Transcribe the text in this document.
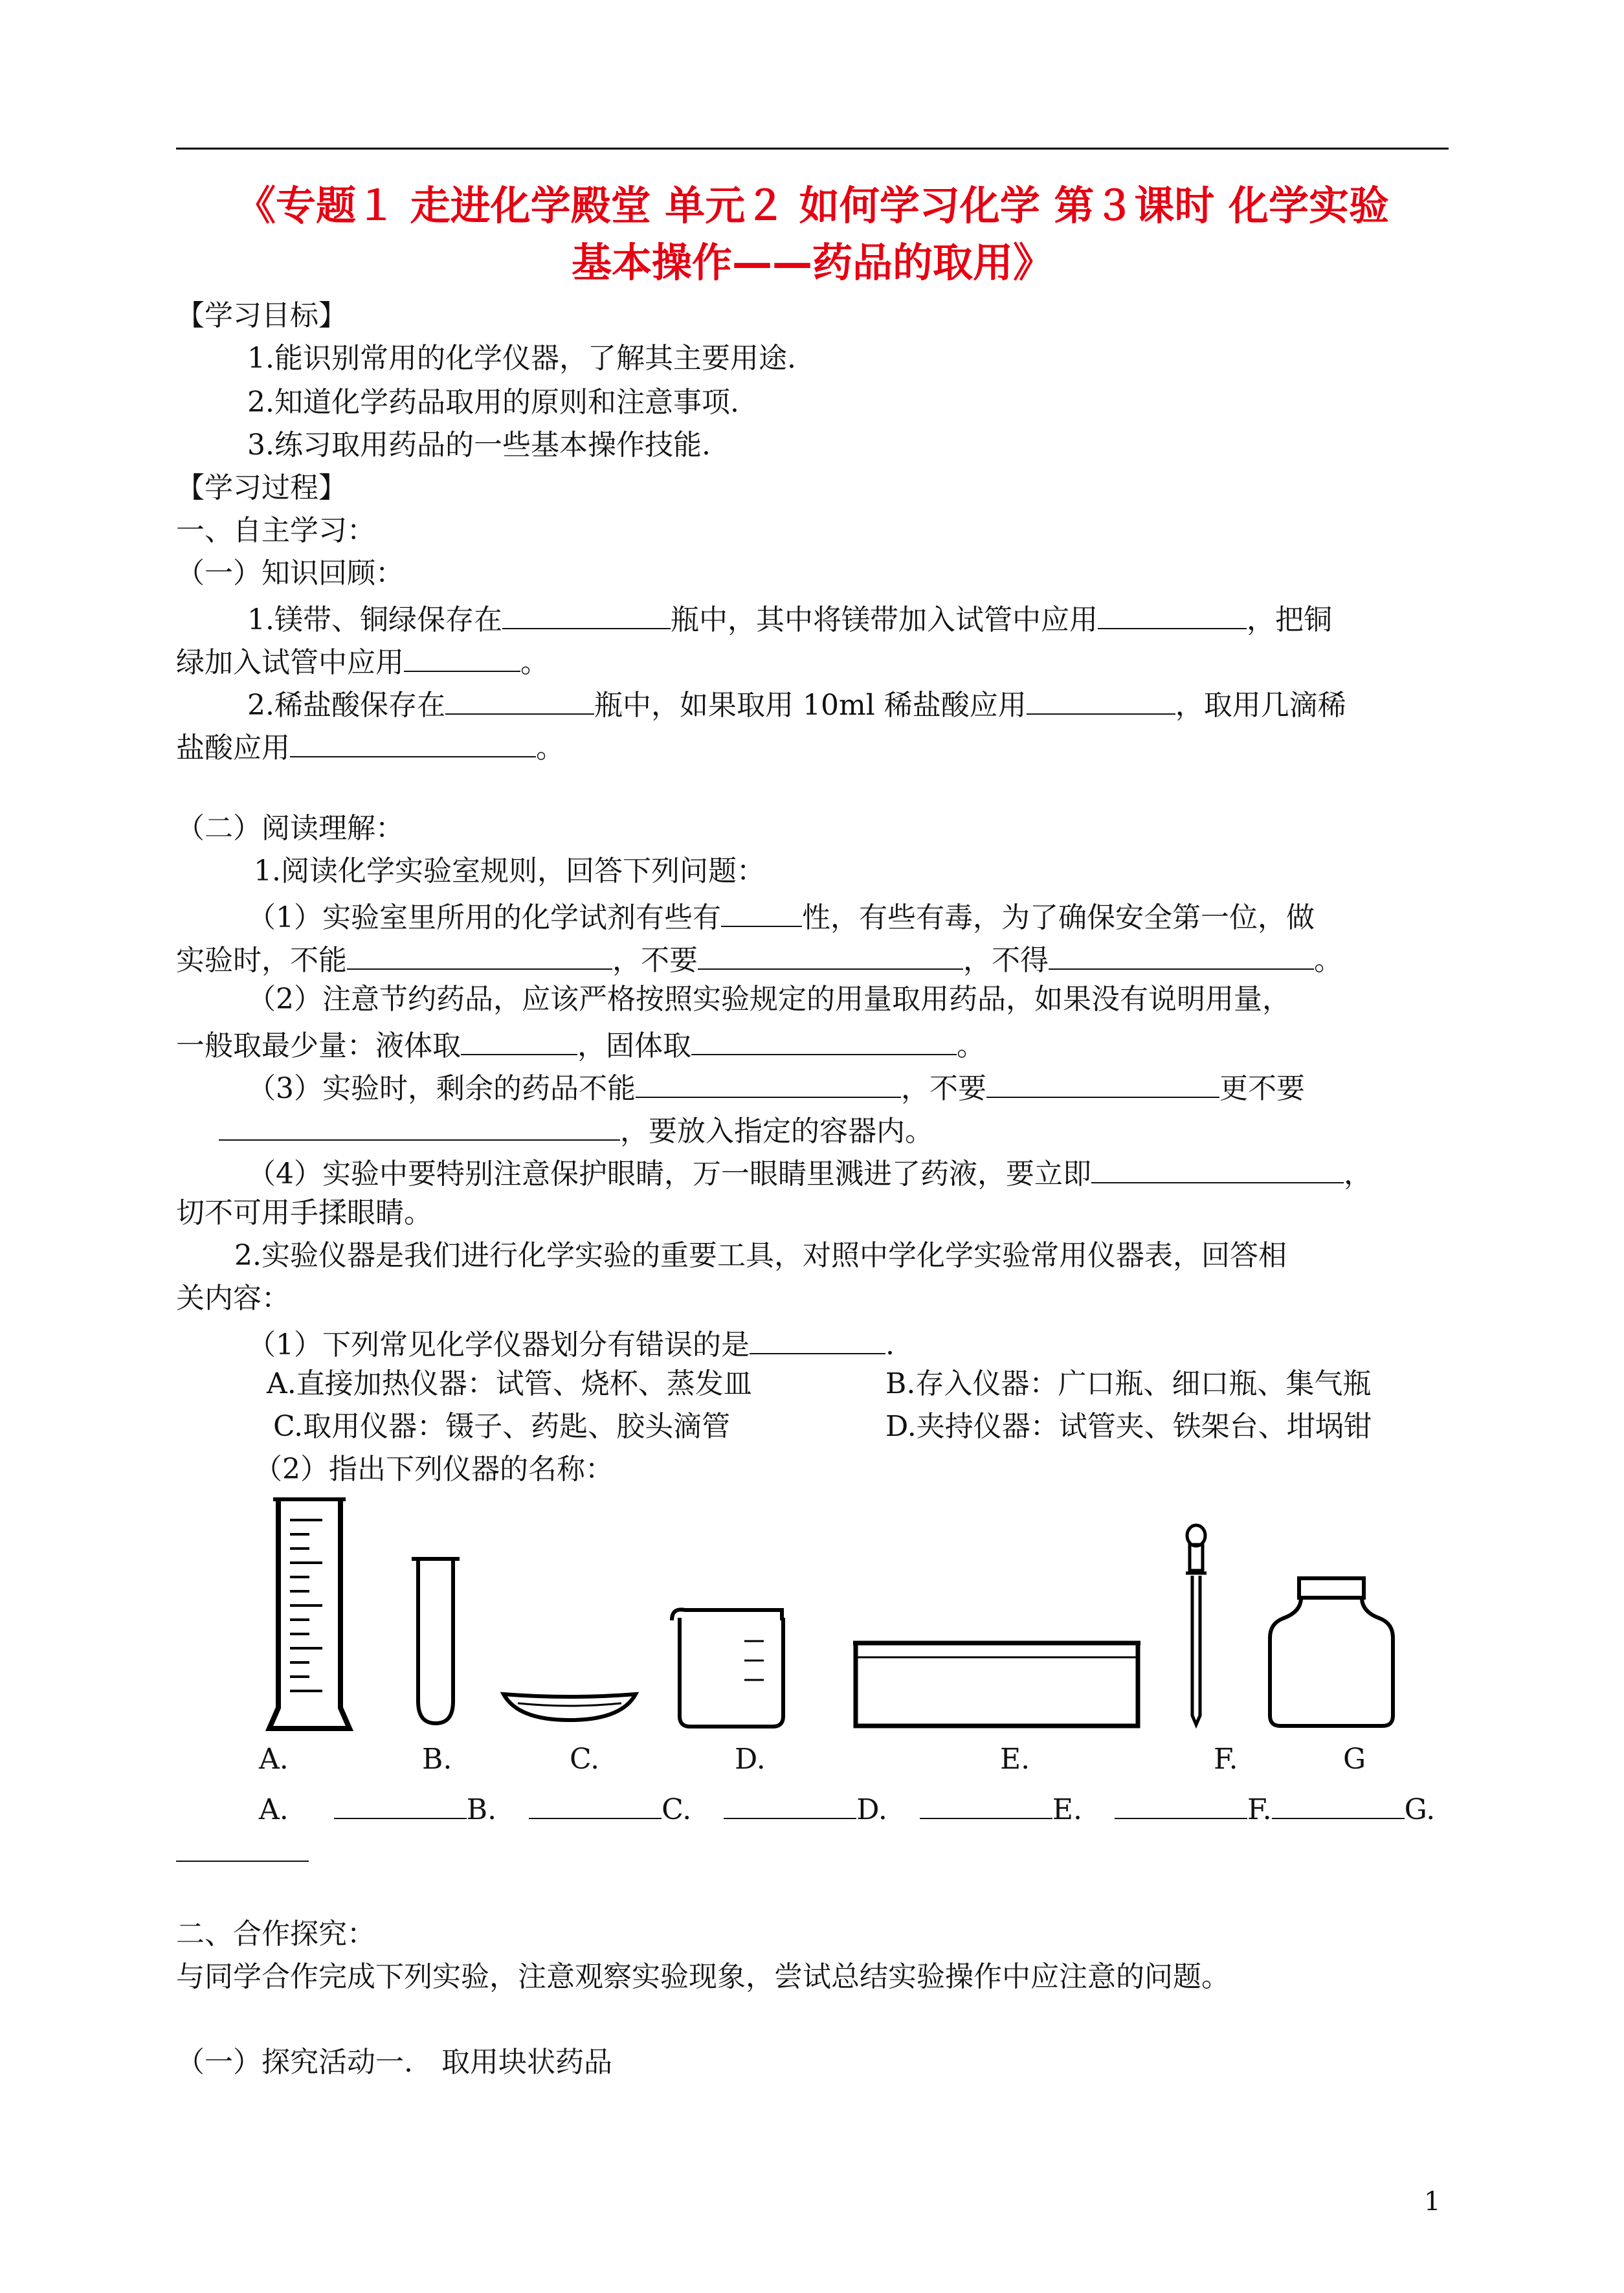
《专题１ 走进化学殿堂 单元２ 如何学习化学 第３课时 化学实验
基本操作——药品的取用》
【学习目标】
1.能识别常用的化学仪器，了解其主要用途.
2.知道化学药品取用的原则和注意事项.
3.练习取用药品的一些基本操作技能.
【学习过程】
一、自主学习：
（一）知识回顾：
1.镁带、铜绿保存在	瓶中，其中将镁带加入试管中应用	，把铜
绿加入试管中应用	。
2.稀盐酸保存在	瓶中，如果取用 10ml 稀盐酸应用	，取用几滴稀
盐酸应用	。
（二）阅读理解：
1.阅读化学实验室规则，回答下列问题：
（1）实验室里所用的化学试剂有些有	性，有些有毒，为了确保安全第一位，做
实验时，不能	，不要	，不得	。
（2）注意节约药品，应该严格按照实验规定的用量取用药品，如果没有说明用量，
一般取最少量：液体取	，固体取	。
（3）实验时，剩余的药品不能	，不要	更不要
，要放入指定的容器内。
（4）实验中要特别注意保护眼睛，万一眼睛里溅进了药液，要立即	，
切不可用手揉眼睛。
2.实验仪器是我们进行化学实验的重要工具，对照中学化学实验常用仪器表，回答相
关内容：
（1）下列常见化学仪器划分有错误的是	.
A.直接加热仪器：试管、烧杯、蒸发皿	B.存入仪器：广口瓶、细口瓶、集气瓶
C.取用仪器：镊子、药匙、胶头滴管	D.夹持仪器：试管夹、铁架台、坩埚钳
（2）指出下列仪器的名称：
A.	B.	C.	D.	E.	F.	G
A.	B.	C.	D.	E.	F.	G.
二、合作探究：
与同学合作完成下列实验，注意观察实验现象，尝试总结实验操作中应注意的问题。
（一）探究活动一.　取用块状药品
1
